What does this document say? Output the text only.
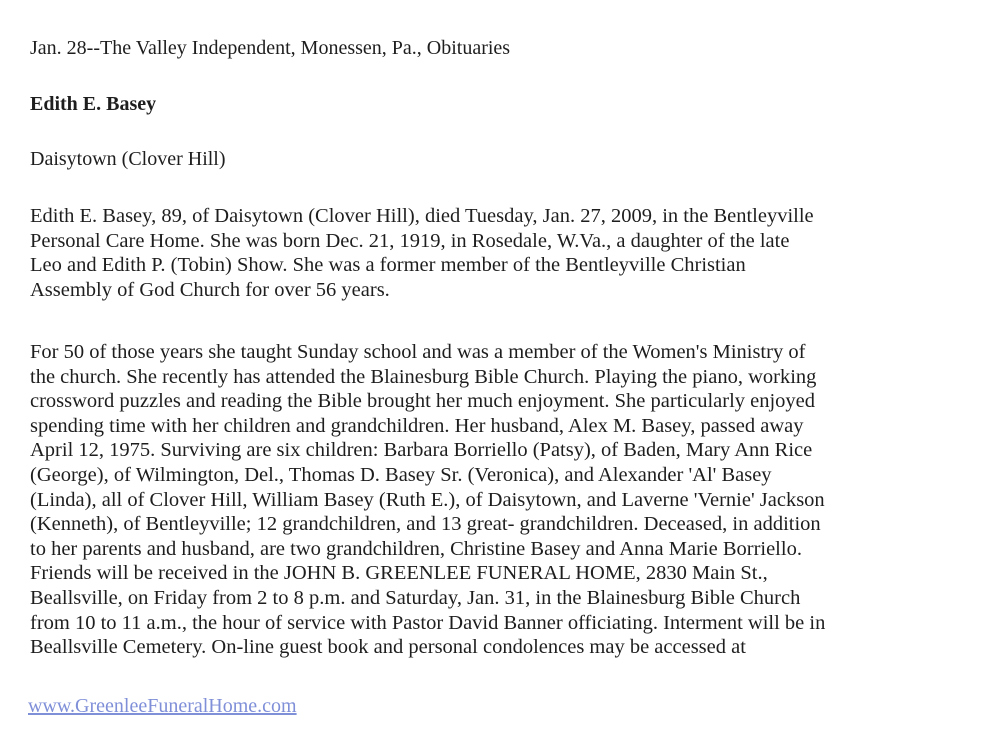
Jan. 28--The Valley Independent, Monessen, Pa., Obituaries
Edith E. Basey
Daisytown (Clover Hill)

Edith E. Basey, 89, of Daisytown (Clover Hill), died Tuesday, Jan. 27, 2009, in the Bentleyville
Personal Care Home. She was born Dec. 21, 1919, in Rosedale, W.Va., a daughter of the late
Leo and Edith P. (Tobin) Show. She was a former member of the Bentleyville Christian
Assembly of God Church for over 56 years.

For 50 of those years she taught Sunday school and was a member of the Women's Ministry of
the church. She recently has attended the Blainesburg Bible Church. Playing the piano, working
crossword puzzles and reading the Bible brought her much enjoyment. She particularly enjoyed
spending time with her children and grandchildren. Her husband, Alex M. Basey, passed away
April 12, 1975. Surviving are six children: Barbara Borriello (Patsy), of Baden, Mary Ann Rice
(George), of Wilmington, Del., Thomas D. Basey Sr. (Veronica), and Alexander 'Al' Basey
(Linda), all of Clover Hill, William Basey (Ruth E.), of Daisytown, and Laverne 'Vernie' Jackson
(Kenneth), of Bentleyville; 12 grandchildren, and 13 great- grandchildren. Deceased, in addition
to her parents and husband, are two grandchildren, Christine Basey and Anna Marie Borriello.
Friends will be received in the JOHN B. GREENLEE FUNERAL HOME, 2830 Main St.,
Beallsville, on Friday from 2 to 8 p.m. and Saturday, Jan. 31, in the Blainesburg Bible Church
from 10 to 11 a.m., the hour of service with Pastor David Banner officiating. Interment will be in
Beallsville Cemetery. On-line guest book and personal condolences may be accessed at

www.GreenleeFuneralHome.com
